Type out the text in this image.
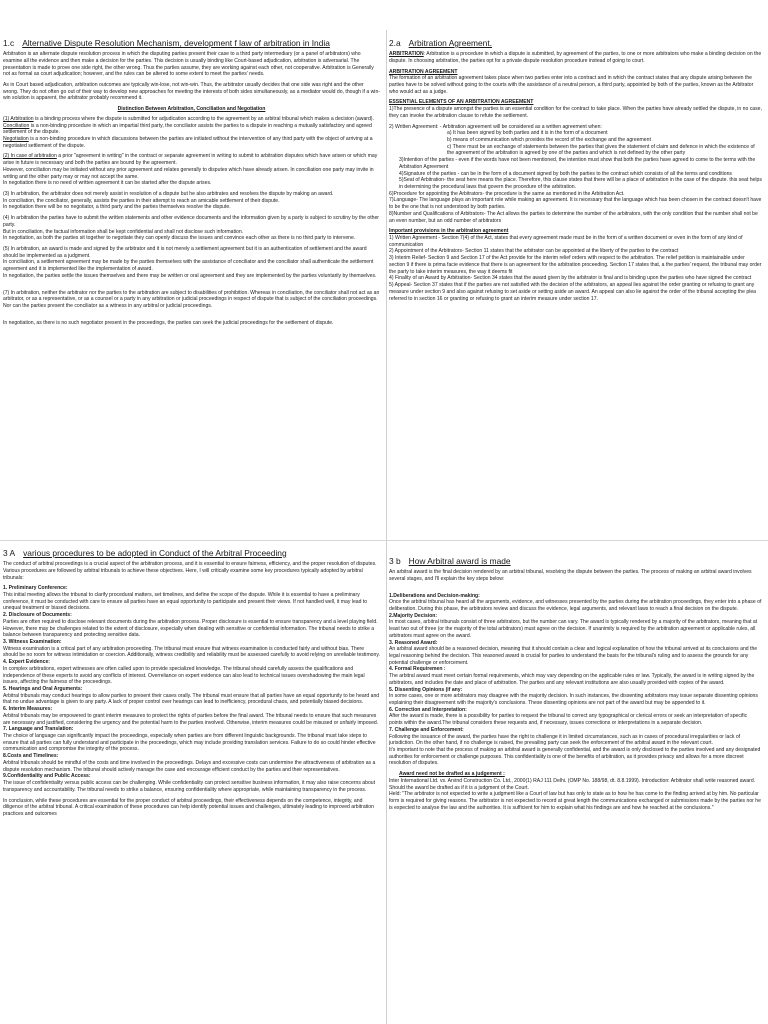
1.c Alternative Dispute Resolution Mechanism, development f law of arbitration in India
Arbitration is an alternate dispute resolution process in which the disputing parties present their case to a third party intermediary (or a panel of arbitrators) who examine all the evidence and then make a decision for the parties. This decision is usually binding like Court-based adjudication, arbitration is adversarial. The presentation is made to prove one side right, the other wrong. Thus the parties assume, they are working against each other, not cooperative. Arbitration is Generally not as formal as court adjudication; however, and the rules can be altered to some extent to meet the parties' needs.
As in Court based adjudication, arbitration outcomes are typically win-lose, not win-win. Thus, the arbitrator usually decides that one side was right and the other wrong. They do not often go out of their way to develop new approaches for meeting the interests of both sides simultaneously, as a mediator would do, though if a win-win solution is apparent, the arbitrator probably recommend it.
Distinction Between Arbitration, Conciliation and Negotiation
(1) Arbitration is a binding process where the dispute is submitted for adjudication according to the agreement by an arbitral tribunal which makes a decision (award).
Conciliation is a non-binding procedure in which an impartial third party, the conciliator assists the parties to a dispute in reaching a mutually satisfactory and agreed settlement of the dispute.
Negotiation is a non-binding procedure in which discussions between the parties are initiated without the intervention of any third party with the object of arriving at a negotiated settlement of the dispute.
(2) In case of arbitration a prior "agreement in writing" in the contract or separate agreement in writing to submit to arbitration disputes which have arisen or which may arise in future is necessary and both the parties are bound by the agreement.
However, conciliation may be initiated without any prior agreement and relates generally to disputes which have already arisen. In conciliation one party may invite in writing and the other party may or may not accept the same.
In negotiation there is no need of written agreement it can be started after the dispute arises.
(3) In arbitration, the arbitrator does not merely assist in resolution of a dispute but he also arbitrates and resolves the dispute by making an award.
In conciliation, the conciliator, generally, assists the parties in their attempt to reach an amicable settlement of their dispute.
In negotiation there will be no negotiator, a third party and the parties themselves resolve the dispute.
(4) In arbitration the parties have to submit the written statements and other evidence documents and the information given by a party is subject to scrutiny by the other party.
But in conciliation, the factual information shall be kept confidential and shall not disclose such information.
In negotiation, as both the parties sit together to negotiate they can openly discuss the issues and convince each other as there is no third party to intervene.
(5) In arbitration, an award is made and signed by the arbitrator and it is not merely a settlement agreement but it is an authentication of settlement and the award should be implemented as a judgment.
In conciliation, a settlement agreement may be made by the parties themselves with the assistance of conciliator and the conciliator shall authenticate the settlement agreement and it is implemented like the implementation of award.
In negotiation, the parties settle the issues themselves and there may be written or oral agreement and they are implemented by the parties voluntarily by themselves.
(7) In arbitration, neither the arbitrator nor the parties to the arbitration are subject to disabilities of prohibition. Whereas in conciliation, the conciliator shall not act as an arbitrator, or as a representative, or as a counsel or a party in any arbitration or judicial proceedings in respect of dispute that is subject of the conciliation proceedings. Nor can the parties present the conciliator as a witness in any arbitral or judicial proceedings.
In negotiation, as there is no such negotiator present in the proceedings, the parties can seek the judicial proceedings for the settlement of dispute.
2.a Arbitration Agreement.
ARBITRATION: Arbitration is a procedure in which a dispute is submitted, by agreement of the parties, to one or more arbitrators who make a binding decision on the dispute. In choosing arbitration, the parties opt for a private dispute resolution procedure instead of going to court.
ARBITRATION AGREEMENT
The formation of an arbitration agreement takes place when two parties enter into a contract and in which the contract states that any dispute arising between the parties have to be solved without going to the courts with the assistance of a neutral person, a third party, appointed by both of the parties, known as the Arbitrator who would act as a judge.
ESSENTIAL ELEMENTS OF AN ARBITRATION AGREEMENT
1)The presence of a dispute amongst the parties is an essential condition for the contract to take place. When the parties have already settled the dispute, in no case, they can invoke the arbitration clause to refute the settlement.
2) Written Agreement: - Arbitration agreement will be considered as a written agreement when:
a) It has been signed by both parties and it is in the form of a document
b) means of communication which provides the record of the exchange and the agreement
c) There must be an exchange of statements between the parties that gives the statement of claim and defence in which the existence of the agreement of the arbitration is agreed by one of the parties and which is not defined by the other party
3)Intention of the parties - even if the words have not been mentioned, the intention must show that both the parties have agreed to come to the terms with the Arbitration Agreement
4)Signature of the parties - can be in the form of a document signed by both the parties to the contract which consists of all the terms and conditions
5)Seat of Arbitration- the seat here means the place. Therefore, this clause states that there will be a place of arbitration in the case of the dispute. this seat helps in determining the procedural laws that govern the procedure of the arbitration.
6)Procedure for appointing the Arbitrators- the procedure is the same as mentioned in the Arbitration Act.
7)Language- The language plays an important role while making an agreement. It is necessary that the language which has been chosen in the contract doesn't have to be the one that is not understood by both parties.
8)Number and Qualifications of Arbitrators- The Act allows the parties to determine the number of the arbitrators, with the only condition that the number shall not be an even number, but an odd number of arbitrators
Important provisions in the arbitration agreement
1) Written Agreement - Section 7(4) of the Act, states that every agreement made must be in the form of a written document or even in the form of any kind of communication
2) Appointment of the Arbitrators- Section 11 states that the arbitrator can be appointed at the liberty of the parties to the contract
3) Interim Relief- Section 9 and Section 17 of the Act provide for the interim relief orders with respect to the arbitration. The relief petition is maintainable under section 9 if there is prima facie evidence that there is an agreement for the arbitration proceeding. Section 17 states that, a the parties' request, the tribunal may order the party to take interim measures, the way it deems fit
4) Finality of an Award by Arbitration- Section 34 states that the award given by the arbitrator is final and is binding upon the parties who have signed the contract
5) Appeal- Section 37 states that if the parties are not satisfied with the decision of the arbitrators, an appeal lies against the order granting or refusing to grant any measure under section 9 and also against refusing to set aside or setting aside an award. An appeal can also lie against the order of the tribunal accepting the plea referred to in section 16 or granting or refusing to grant an interim measure under section 17.
3 A various procedures to be adopted in Conduct of the Arbitral Proceeding
The conduct of arbitral proceedings is a crucial aspect of the arbitration process, and it is essential to ensure fairness, efficiency, and the proper resolution of disputes. Various procedures are followed by arbitral tribunals to achieve these objectives. Here, I will critically examine some key procedures typically adopted by arbitral tribunals:
1. Preliminary Conference:
This initial meeting allows the tribunal to clarify procedural matters, set timelines, and define the scope of the dispute. While it is essential to have a preliminary conference, it must be conducted with care to ensure all parties have an equal opportunity to participate and present their views. If not handled well, it may lead to unequal treatment or biased decisions.
2. Disclosure of Documents:
Parties are often required to disclose relevant documents during the arbitration process. Proper disclosure is essential to ensure transparency and a level playing field. However, there may be challenges related to the extent of disclosure, especially when dealing with sensitive or confidential information. The tribunal needs to strike a balance between transparency and protecting sensitive data.
3. Witness Examination:
Witness examination is a critical part of any arbitration proceeding. The tribunal must ensure that witness examination is conducted fairly and without bias. There should be no room for witness intimidation or coercion. Additionally, witness credibility and reliability must be assessed carefully to avoid relying on unreliable testimony.
4. Expert Evidence:
In complex arbitrations, expert witnesses are often called upon to provide specialized knowledge. The tribunal should carefully assess the qualifications and independence of these experts to avoid any conflicts of interest. Overreliance on expert evidence can also lead to technical issues overshadowing the main legal issues, affecting the fairness of the proceedings.
5. Hearings and Oral Arguments:
Arbitral tribunals may conduct hearings to allow parties to present their cases orally. The tribunal must ensure that all parties have an equal opportunity to be heard and that no undue advantage is given to any party. A lack of proper control over hearings can lead to inefficiency, procedural chaos, and potentially biased decisions.
6. Interim Measures:
Arbitral tribunals may be empowered to grant interim measures to protect the rights of parties before the final award. The tribunal needs to ensure that such measures are necessary and justified, considering the urgency and the potential harm to the parties involved. Otherwise, interim measures could be misused or unfairly imposed.
7. Language and Translation:
The choice of language can significantly impact the proceedings, especially when parties are from different linguistic backgrounds. The tribunal must take steps to ensure that all parties can fully understand and participate in the proceedings, which may include providing translation services. Failure to do so could hinder effective communication and compromise the integrity of the process.
8.Costs and Timelines:
Arbitral tribunals should be mindful of the costs and time involved in the proceedings. Delays and excessive costs can undermine the attractiveness of arbitration as a dispute resolution mechanism. The tribunal should actively manage the case and encourage efficient conduct by the parties and their representatives.
9.Confidentiality and Public Access:
The issue of confidentiality versus public access can be challenging. While confidentiality can protect sensitive business information, it may also raise concerns about transparency and accountability. The tribunal needs to strike a balance, ensuring confidentiality where appropriate, while maintaining transparency in the process.
In conclusion, while these procedures are essential for the proper conduct of arbitral proceedings, their effectiveness depends on the competence, integrity, and diligence of the arbitral tribunal. A critical examination of these procedures can help identify potential issues and challenges, ultimately leading to improved arbitration practices and outcomes
3 b How Arbitral award is made
An arbitral award is the final decision rendered by an arbitral tribunal, resolving the dispute between the parties. The process of making an arbitral award involves several stages, and I'll explain the key steps below:
1.Deliberations and Decision-making:
Once the arbitral tribunal has heard all the arguments, evidence, and witnesses presented by the parties during the arbitration proceedings, they enter into a phase of deliberation. During this phase, the arbitrators review and discuss the evidence, legal arguments, and relevant laws to reach a final decision on the dispute.
2.Majority Decision:
In most cases, arbitral tribunals consist of three arbitrators, but the number can vary. The award is typically rendered by a majority of the arbitrators, meaning that at least two out of three (or the majority of the total arbitrators) must agree on the decision. If unanimity is required by the arbitration agreement or applicable rules, all arbitrators must agree on the award.
3. Reasoned Award:
An arbitral award should be a reasoned decision, meaning that it should contain a clear and logical explanation of how the tribunal arrived at its conclusions and the legal reasoning behind the decision. This reasoned award is crucial for parties to understand the basis for the tribunal's ruling and to assess the grounds for any potential challenge or enforcement.
4. Formal Requiremen :
The arbitral award must meet certain formal requirements, which may vary depending on the applicable rules or law. Typically, the award is in writing signed by the arbitrators, and includes the date and place of arbitration. The parties and any relevant institutions are also usually provided with copies of the award.
5. Dissenting Opinions (if any:
In some cases, one or more arbitrators may disagree with the majority decision. In such instances, the dissenting arbitrators may issue separate dissenting opinions explaining their disagreement with the majority's conclusions. These dissenting opinions are not part of the award but may be appended to it.
6. Correction and Interpretation:
After the award is made, there is a possibility for parties to request the tribunal to correct any typographical or clerical errors or seek an interpretation of specific points within the award.The tribunal considers these requests and, if necessary, issues corrections or interpretations in a separate decision.
7. Challenge and Enforcement:
Following the issuance of the award, the parties have the right to challenge it in limited circumstances, such as in cases of procedural irregularities or lack of jurisdiction. On the other hand, if no challenge is raised, the prevailing party can seek the enforcement of the arbitral award in the relevant court.
It's important to note that the process of making an arbitral award is generally confidential, and the award is only disclosed to the parties involved and any designated authorities for enforcement or challenge purposes. This confidentiality is one of the benefits of arbitration, as it provides privacy and allows for a more discreet resolution of disputes.
Award need not be drafted as a judgement :
Inter International Ltd. vs. Arvind Construction Co. Ltd., 2000(1) RAJ 111 Delhi. (OMP No. 188/98, dt. 8.8.1999). Introduction: Arbitrator shall write reasoned award. Should the award be drafted as if it is a judgment of the Court.
Held: "The arbitrator is not expected to write a judgment like a Court of law but has only to state as to how he has come to the finding arrived at by him. No particular form is required for giving reasons. The arbitrator is not expected to record at great length the communications exchanged or submissions made by the parties nor he is expected to analyse the law and the authorities. It is sufficient for him to explain what his findings are and how he reached at the conclusions."
